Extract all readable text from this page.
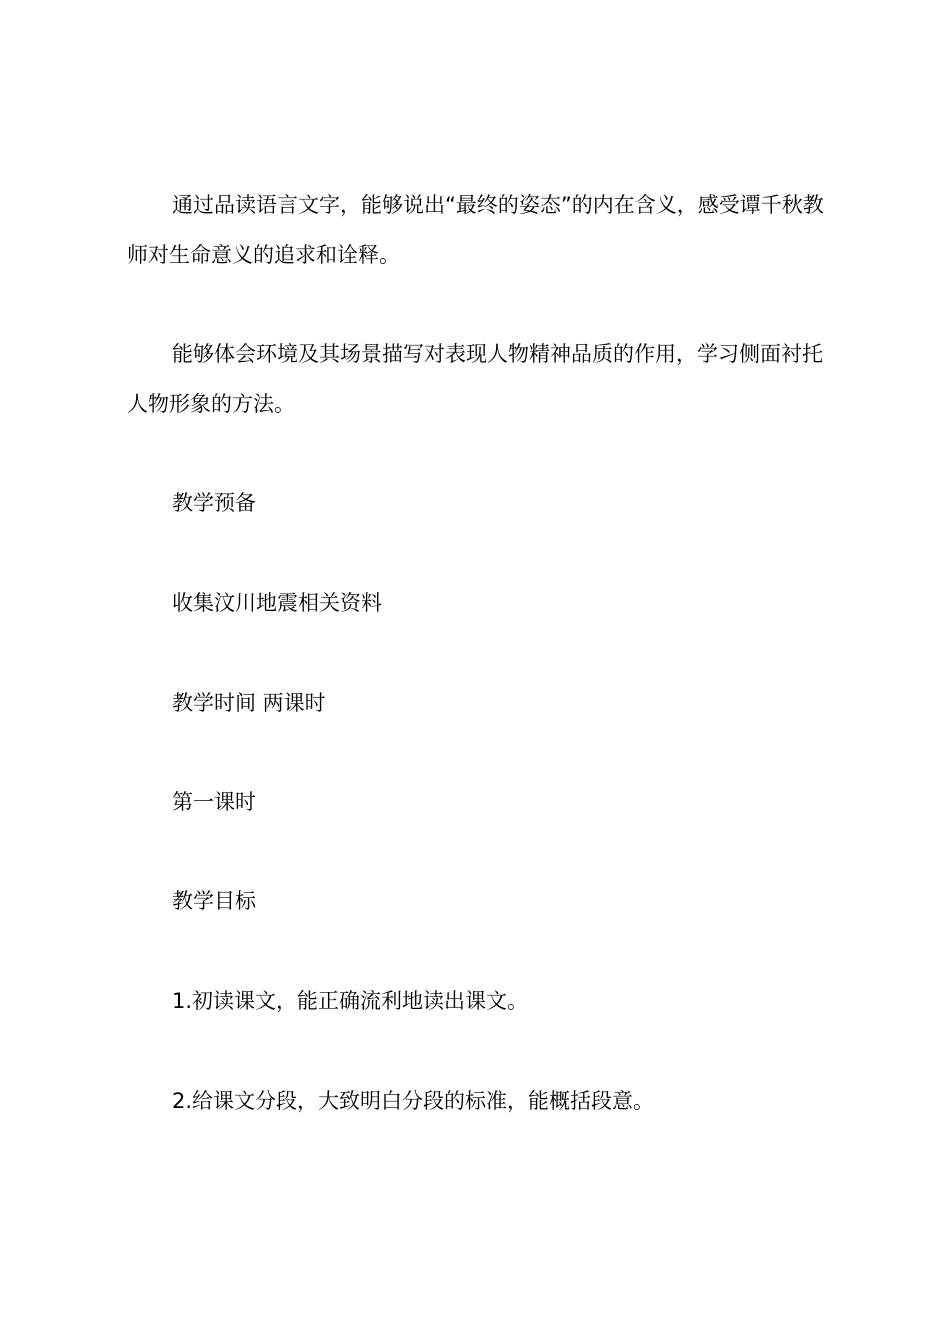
通过品读语言文字，能够说出“最终的姿态”的内在含义，感受谭千秋教师对生命意义的追求和诠释。

能够体会环境及其场景描写对表现人物精神品质的作用，学习侧面衬托人物形象的方法。

教学预备

收集汶川地震相关资料

教学时间 两课时

第一课时

教学目标

1.初读课文，能正确流利地读出课文。

2.给课文分段，大致明白分段的标准，能概括段意。
